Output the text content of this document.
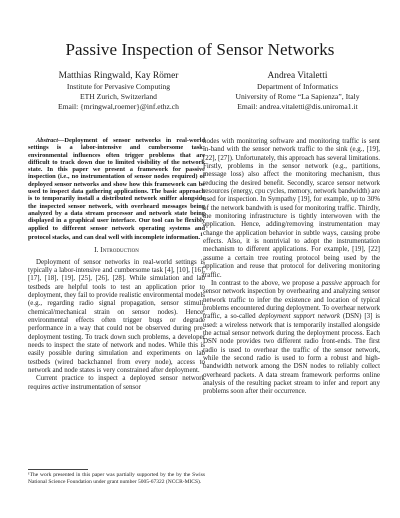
Passive Inspection of Sensor Networks
Matthias Ringwald, Kay Römer
Institute for Pervasive Computing
ETH Zurich, Switzerland
Email: {mringwal,roemer}@inf.ethz.ch
Andrea Vitaletti
Department of Informatics
University of Rome “La Sapienza”, Italy
Email: andrea.vitaletti@dis.uniroma1.it

Abstract—Deployment of sensor networks in real-world settings is a labor-intensive and cumbersome task: environmental influences often trigger problems that are difficult to track down due to limited visibility of the network state. In this paper we present a framework for passive inspection (i.e., no instrumentation of sensor nodes required) of deployed sensor networks and show how this framework can be used to inspect data gathering applications. The basic approach is to temporarily install a distributed network sniffer alongside the inspected sensor network, with overheard messages being analyzed by a data stream processor and network state being displayed in a graphical user interface. Our tool can be flexibly applied to different sensor network operating systems and protocol stacks, and can deal well with incomplete information.$^1$

I. Introduction

Deployment of sensor networks in real-world settings is typically a labor-intensive and cumbersome task [4], [10], [16], [17], [18], [19], [25], [26], [28]. While simulation and lab testbeds are helpful tools to test an application prior to deployment, they fail to provide realistic environmental models (e.g., regarding radio signal propagation, sensor stimuli, chemical/mechanical strain on sensor nodes). Hence, environmental effects often trigger bugs or degrade performance in a way that could not be observed during pre-deployment testing. To track down such problems, a developer needs to inspect the state of network and nodes. While this is easily possible during simulation and experiments on lab testbeds (wired backchannel from every node), access to network and node states is very constrained after deployment.

Current practice to inspect a deployed sensor network requires active instrumentation of sensor

¹The work presented in this paper was partially supported by the by the Swiss National Science Foundation under grant number 5005-67322 (NCCR-MICS).

nodes with monitoring software and monitoring traffic is sent in-band with the sensor network traffic to the sink (e.g., [19], [22], [27]). Unfortunately, this approach has several limitations. Firstly, problems in the sensor network (e.g., partitions, message loss) also affect the monitoring mechanism, thus reducing the desired benefit. Secondly, scarce sensor network resources (energy, cpu cycles, memory, network bandwidth) are used for inspection. In Sympathy [19], for example, up to 30% of the network bandwith is used for monitoring traffic. Thirdly, the monitoring infrastructure is tightly interwoven with the application. Hence, adding/removing instrumentation may change the application behavior in subtle ways, causing probe effects. Also, it is nontrivial to adopt the instrumentation mechanism to different applications. For example, [19], [22] assume a certain tree routing protocol being used by the application and reuse that protocol for delivering monitoring traffic.

In contrast to the above, we propose a passive approach for sensor network inspection by overhearing and analyzing sensor network traffic to infer the existence and location of typical problems encountered during deployment. To overhear network traffic, a so-called deployment support network (DSN) [3] is used: a wireless network that is temporarily installed alongside the actual sensor network during the deployment process. Each DSN node provides two different radio front-ends. The first radio is used to overhear the traffic of the sensor network, while the second radio is used to form a robust and high-bandwidth network among the DSN nodes to reliably collect overheard packets. A data stream framework performs online analysis of the resulting packet stream to infer and report any problems soon after their occurrence.
